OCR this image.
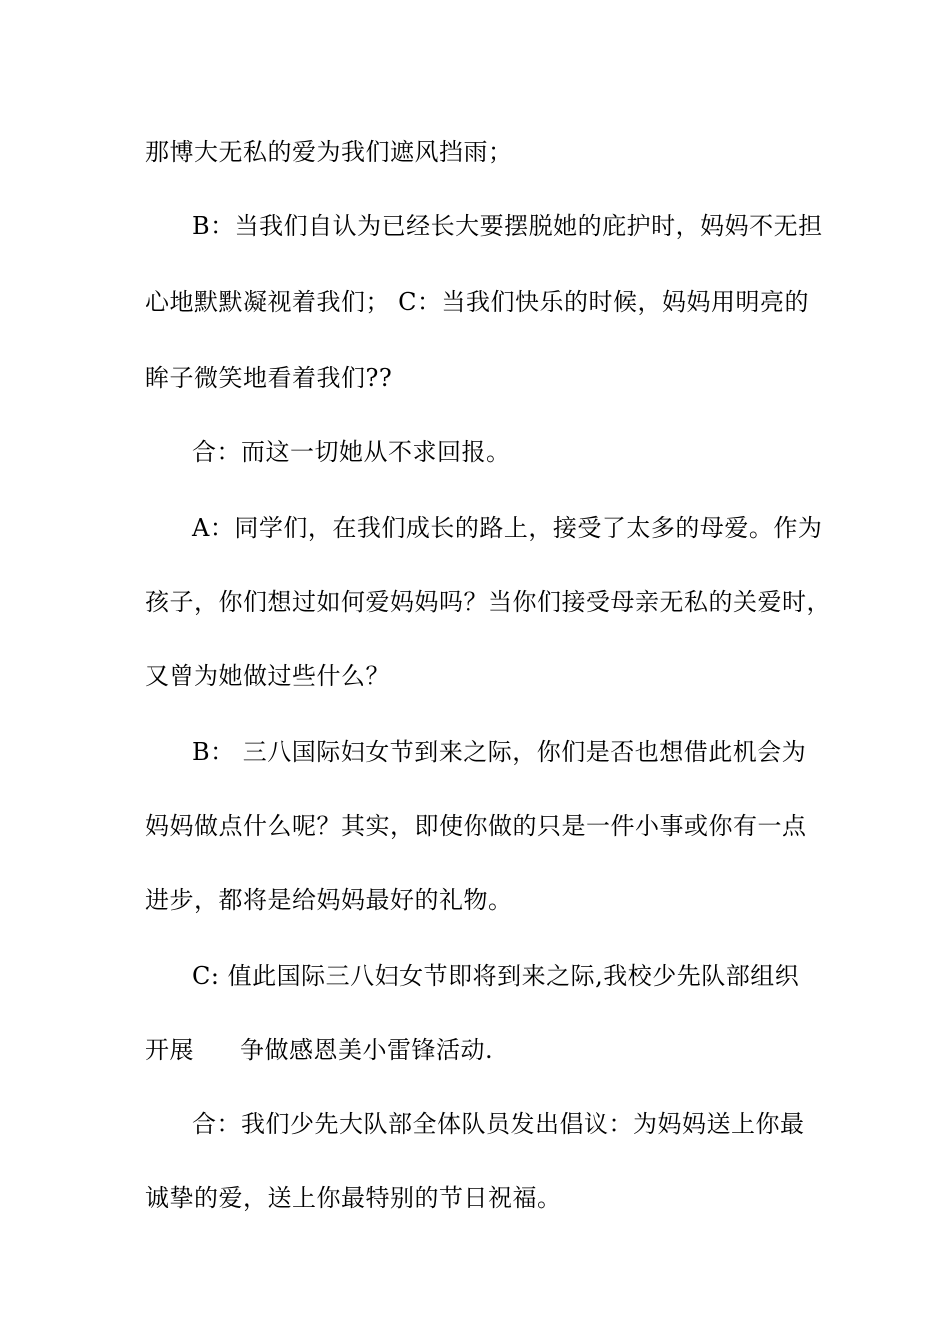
那博大无私的爱为我们遮风挡雨；
B：当我们自认为已经长大要摆脱她的庇护时，妈妈不无担
心地默默凝视着我们； C：当我们快乐的时候，妈妈用明亮的
眸子微笑地看着我们??
合：而这一切她从不求回报。
A：同学们，在我们成长的路上，接受了太多的母爱。作为
孩子，你们想过如何爱妈妈吗？当你们接受母亲无私的关爱时，
又曾为她做过些什么？
B： 三八国际妇女节到来之际，你们是否也想借此机会为
妈妈做点什么呢？其实，即使你做的只是一件小事或你有一点
进步，都将是给妈妈最好的礼物。
C: 值此国际三八妇女节即将到来之际,我校少先队部组织
开展 争做感恩美小雷锋活动.
合：我们少先大队部全体队员发出倡议：为妈妈送上你最
诚挚的爱，送上你最特别的节日祝福。
